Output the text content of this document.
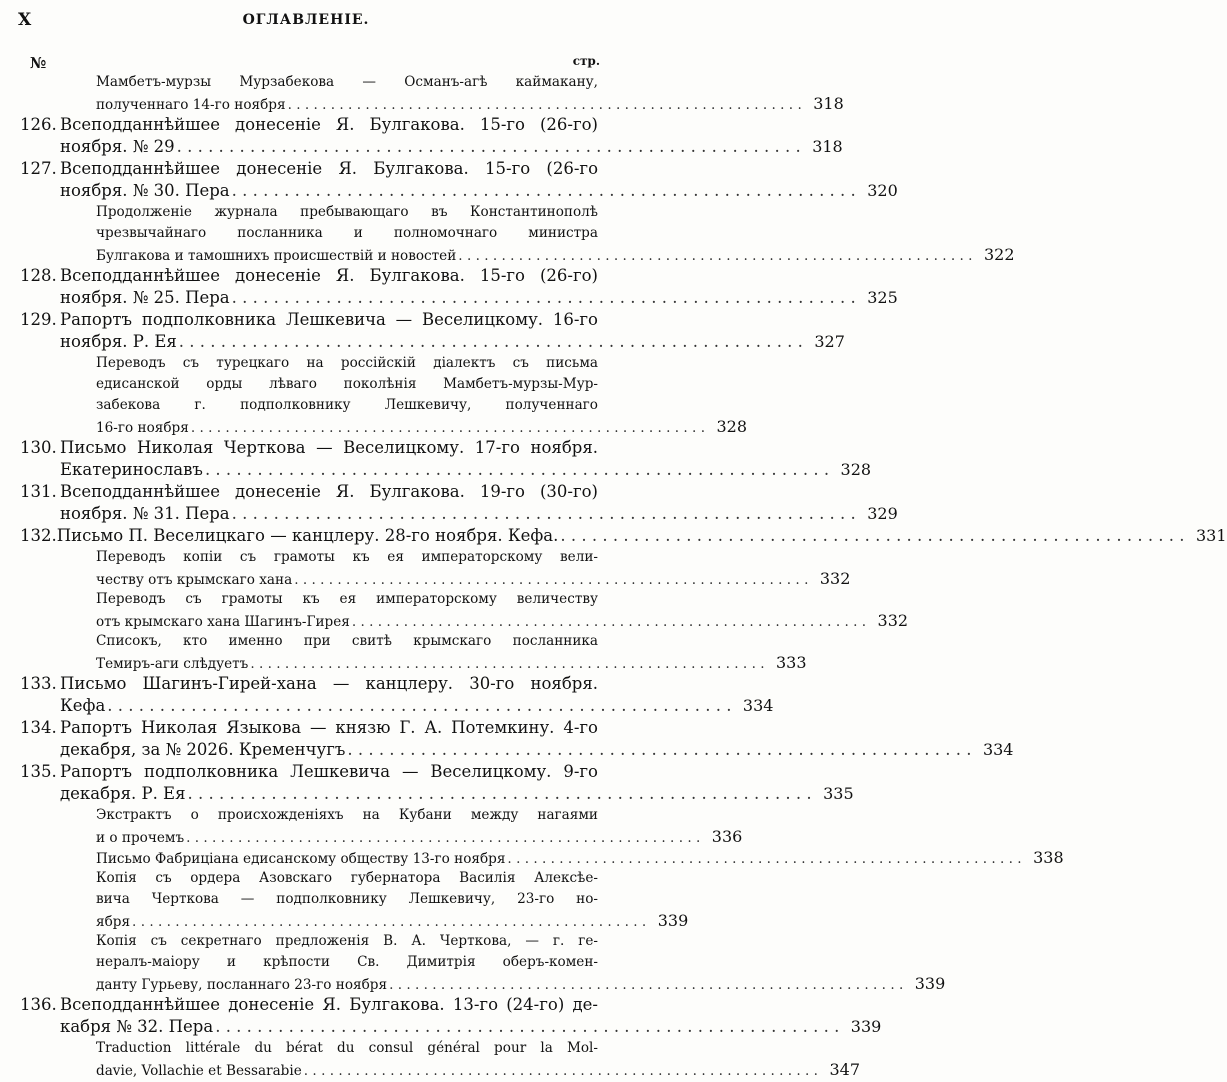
X	ОГЛАВЛЕНІЕ.
№	стр.
Мамбетъ-мурзы Мурзабекова — Османъ-агѣ каймакану,
полученнаго 14-го ноября . . . . . . . . . . . . . . . . . . . . . . . . . . . . . . . . . . . . . . . . . . . . . . . . . . . . . . . . . . . . 318
126. Всеподданнѣйшее донесеніе Я. Булгакова. 15-го (26-го)
ноября. № 29 . . . . . . . . . . . . . . . . . . . . . . . . . . . . . . . . . . . . . . . . . . . . . . . . . . . . . . . . . . . . 318
127. Всеподданнѣйшее донесеніе Я. Булгакова. 15-го (26-го
ноября. № 30. Пера . . . . . . . . . . . . . . . . . . . . . . . . . . . . . . . . . . . . . . . . . . . . . . . . . . . . . . . . . . . . 320
Продолженіе журнала пребывающаго въ Константинополѣ
чрезвычайнаго посланника и полномочнаго министра
Булгакова и тамошнихъ происшествій и новостей . . . . . . . . . . . . . . . . . . . . . . . . . . . . . . . . . . . . . . . . . . . . . . . . . . . . . . . . . . . . 322
128. Всеподданнѣйшее донесеніе Я. Булгакова. 15-го (26-го)
ноября. № 25. Пера . . . . . . . . . . . . . . . . . . . . . . . . . . . . . . . . . . . . . . . . . . . . . . . . . . . . . . . . . . . . 325
129. Рапортъ подполковника Лешкевича — Веселицкому. 16-го
ноября. Р. Ея . . . . . . . . . . . . . . . . . . . . . . . . . . . . . . . . . . . . . . . . . . . . . . . . . . . . . . . . . . . . 327
Переводъ съ турецкаго на россійскій діалектъ съ письма
едисанской орды лѣваго поколѣнія Мамбетъ-мурзы-Мур-
забекова г. подполковнику Лешкевичу, полученнаго
16-го ноября . . . . . . . . . . . . . . . . . . . . . . . . . . . . . . . . . . . . . . . . . . . . . . . . . . . . . . . . . . . . 328
130. Письмо Николая Черткова — Веселицкому. 17-го ноября.
Екатеринославъ . . . . . . . . . . . . . . . . . . . . . . . . . . . . . . . . . . . . . . . . . . . . . . . . . . . . . . . . . . . . 328
131. Всеподданнѣйшее донесеніе Я. Булгакова. 19-го (30-го)
ноября. № 31. Пера . . . . . . . . . . . . . . . . . . . . . . . . . . . . . . . . . . . . . . . . . . . . . . . . . . . . . . . . . . . . 329
132. Письмо П. Веселицкаго — канцлеру. 28-го ноября. Кефа. . . . . . . . . . . . . . . . . . . . . . . . . . . . . . . . . . . . . . . . . . . . . . . . . . . . . . . . . . . . . 331
Переводъ копіи съ грамоты къ ея императорскому вели-
честву отъ крымскаго хана . . . . . . . . . . . . . . . . . . . . . . . . . . . . . . . . . . . . . . . . . . . . . . . . . . . . . . . . . . . . 332
Переводъ съ грамоты къ ея императорскому величеству
отъ крымскаго хана Шагинъ-Гирея . . . . . . . . . . . . . . . . . . . . . . . . . . . . . . . . . . . . . . . . . . . . . . . . . . . . . . . . . . . . 332
Списокъ, кто именно при свитѣ крымскаго посланника
Темиръ-аги слѣдуетъ . . . . . . . . . . . . . . . . . . . . . . . . . . . . . . . . . . . . . . . . . . . . . . . . . . . . . . . . . . . . 333
133. Письмо Шагинъ-Гирей-хана — канцлеру. 30-го ноября.
Кефа . . . . . . . . . . . . . . . . . . . . . . . . . . . . . . . . . . . . . . . . . . . . . . . . . . . . . . . . . . . . 334
134. Рапортъ Николая Языкова — князю Г. А. Потемкину. 4-го
декабря, за № 2026. Кременчугъ . . . . . . . . . . . . . . . . . . . . . . . . . . . . . . . . . . . . . . . . . . . . . . . . . . . . . . . . . . . . 334
135. Рапортъ подполковника Лешкевича — Веселицкому. 9-го
декабря. Р. Ея . . . . . . . . . . . . . . . . . . . . . . . . . . . . . . . . . . . . . . . . . . . . . . . . . . . . . . . . . . . . 335
Экстрактъ о происхожденіяхъ на Кубани между нагаями
и о прочемъ . . . . . . . . . . . . . . . . . . . . . . . . . . . . . . . . . . . . . . . . . . . . . . . . . . . . . . . . . . . . 336
Письмо Фабриціана едисанскому обществу 13-го ноября . . . . . . . . . . . . . . . . . . . . . . . . . . . . . . . . . . . . . . . . . . . . . . . . . . . . . . . . . . . . 338
Копія съ ордера Азовскаго губернатора Василія Алексѣе-
вича Черткова — подполковнику Лешкевичу, 23-го но-
ября . . . . . . . . . . . . . . . . . . . . . . . . . . . . . . . . . . . . . . . . . . . . . . . . . . . . . . . . . . . . 339
Копія съ секретнаго предложенія В. А. Черткова, — г. ге-
нералъ-маіору и крѣпости Св. Димитрія оберъ-комен-
данту Гурьеву, посланнаго 23-го ноября . . . . . . . . . . . . . . . . . . . . . . . . . . . . . . . . . . . . . . . . . . . . . . . . . . . . . . . . . . . . 339
136. Всеподданнѣйшее донесеніе Я. Булгакова. 13-го (24-го) де-
кабря № 32. Пера . . . . . . . . . . . . . . . . . . . . . . . . . . . . . . . . . . . . . . . . . . . . . . . . . . . . . . . . . . . . 339
Traduction littérale du bérat du consul général pour la Mol-
davie, Vollachie et Bessarabie . . . . . . . . . . . . . . . . . . . . . . . . . . . . . . . . . . . . . . . . . . . . . . . . . . . . . . . . . . . . 347
